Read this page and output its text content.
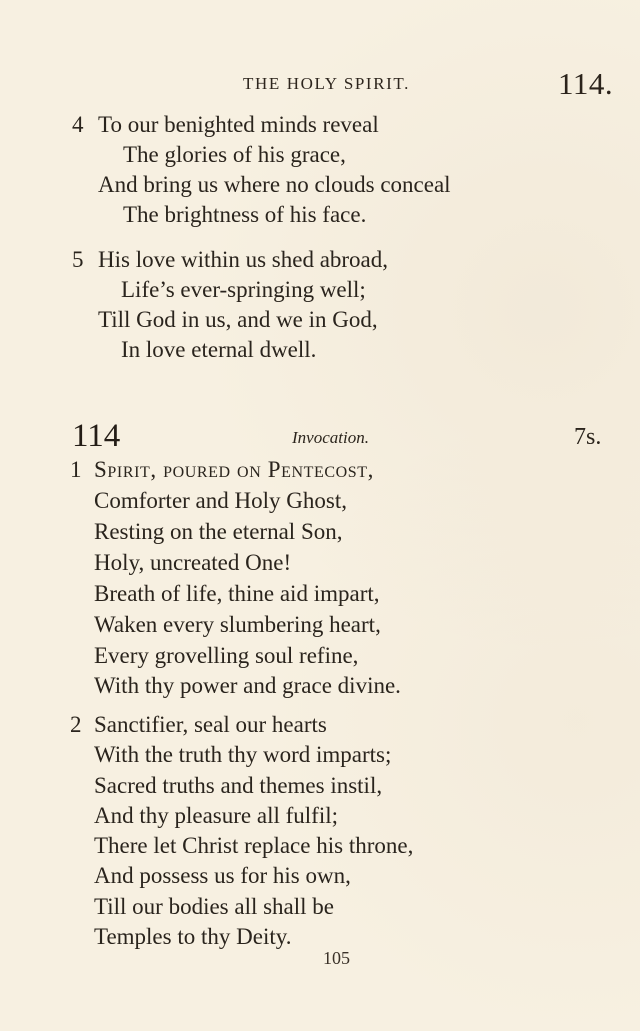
THE HOLY SPIRIT.	114.
4 To our benighted minds reveal
The glories of his grace,
And bring us where no clouds conceal
The brightness of his face.
5 His love within us shed abroad,
Life’s ever-springing well;
Till God in us, and we in God,
In love eternal dwell.
114	Invocation.	7s.
1 Spirit, poured on Pentecost,
Comforter and Holy Ghost,
Resting on the eternal Son,
Holy, uncreated One!
Breath of life, thine aid impart,
Waken every slumbering heart,
Every grovelling soul refine,
With thy power and grace divine.
2 Sanctifier, seal our hearts
With the truth thy word imparts;
Sacred truths and themes instil,
And thy pleasure all fulfil;
There let Christ replace his throne,
And possess us for his own,
Till our bodies all shall be
Temples to thy Deity.
105
